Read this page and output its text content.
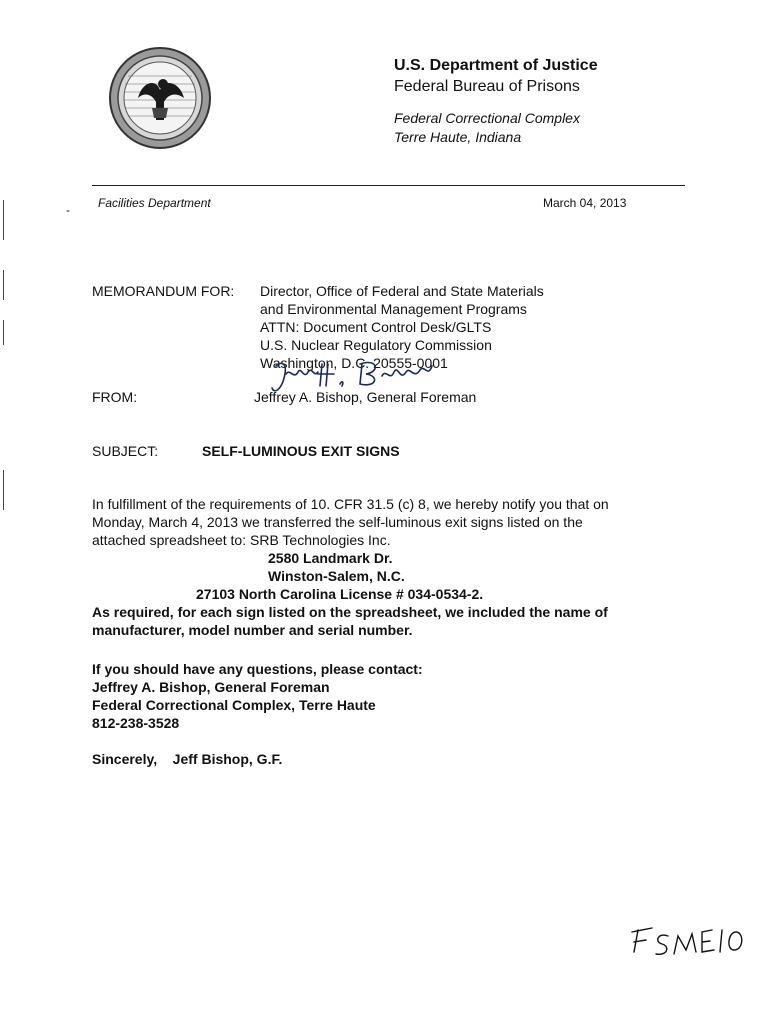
U.S. Department of Justice
Federal Bureau of Prisons
Federal Correctional Complex
Terre Haute, Indiana
- Facilities Department	March 04, 2013
MEMORANDUM FOR: Director, Office of Federal and State Materials
and Environmental Management Programs
ATTN: Document Control Desk/GLTS
U.S. Nuclear Regulatory Commission
Washington, D.C. 20555-0001
FROM:	Jeffrey A. Bishop, General Foreman
SUBJECT:	SELF-LUMINOUS EXIT SIGNS
In fulfillment of the requirements of 10. CFR 31.5 (c) 8, we hereby notify you that on
Monday, March 4, 2013 we transferred the self-luminous exit signs listed on the
attached spreadsheet to: SRB Technologies Inc.
2580 Landmark Dr.
Winston-Salem, N.C.
27103 North Carolina License # 034-0534-2.
As required, for each sign listed on the spreadsheet, we included the name of
manufacturer, model number and serial number.
If you should have any questions, please contact:
Jeffrey A. Bishop, General Foreman
Federal Correctional Complex, Terre Haute
812-238-3528
Sincerely,    Jeff Bishop, G.F.
